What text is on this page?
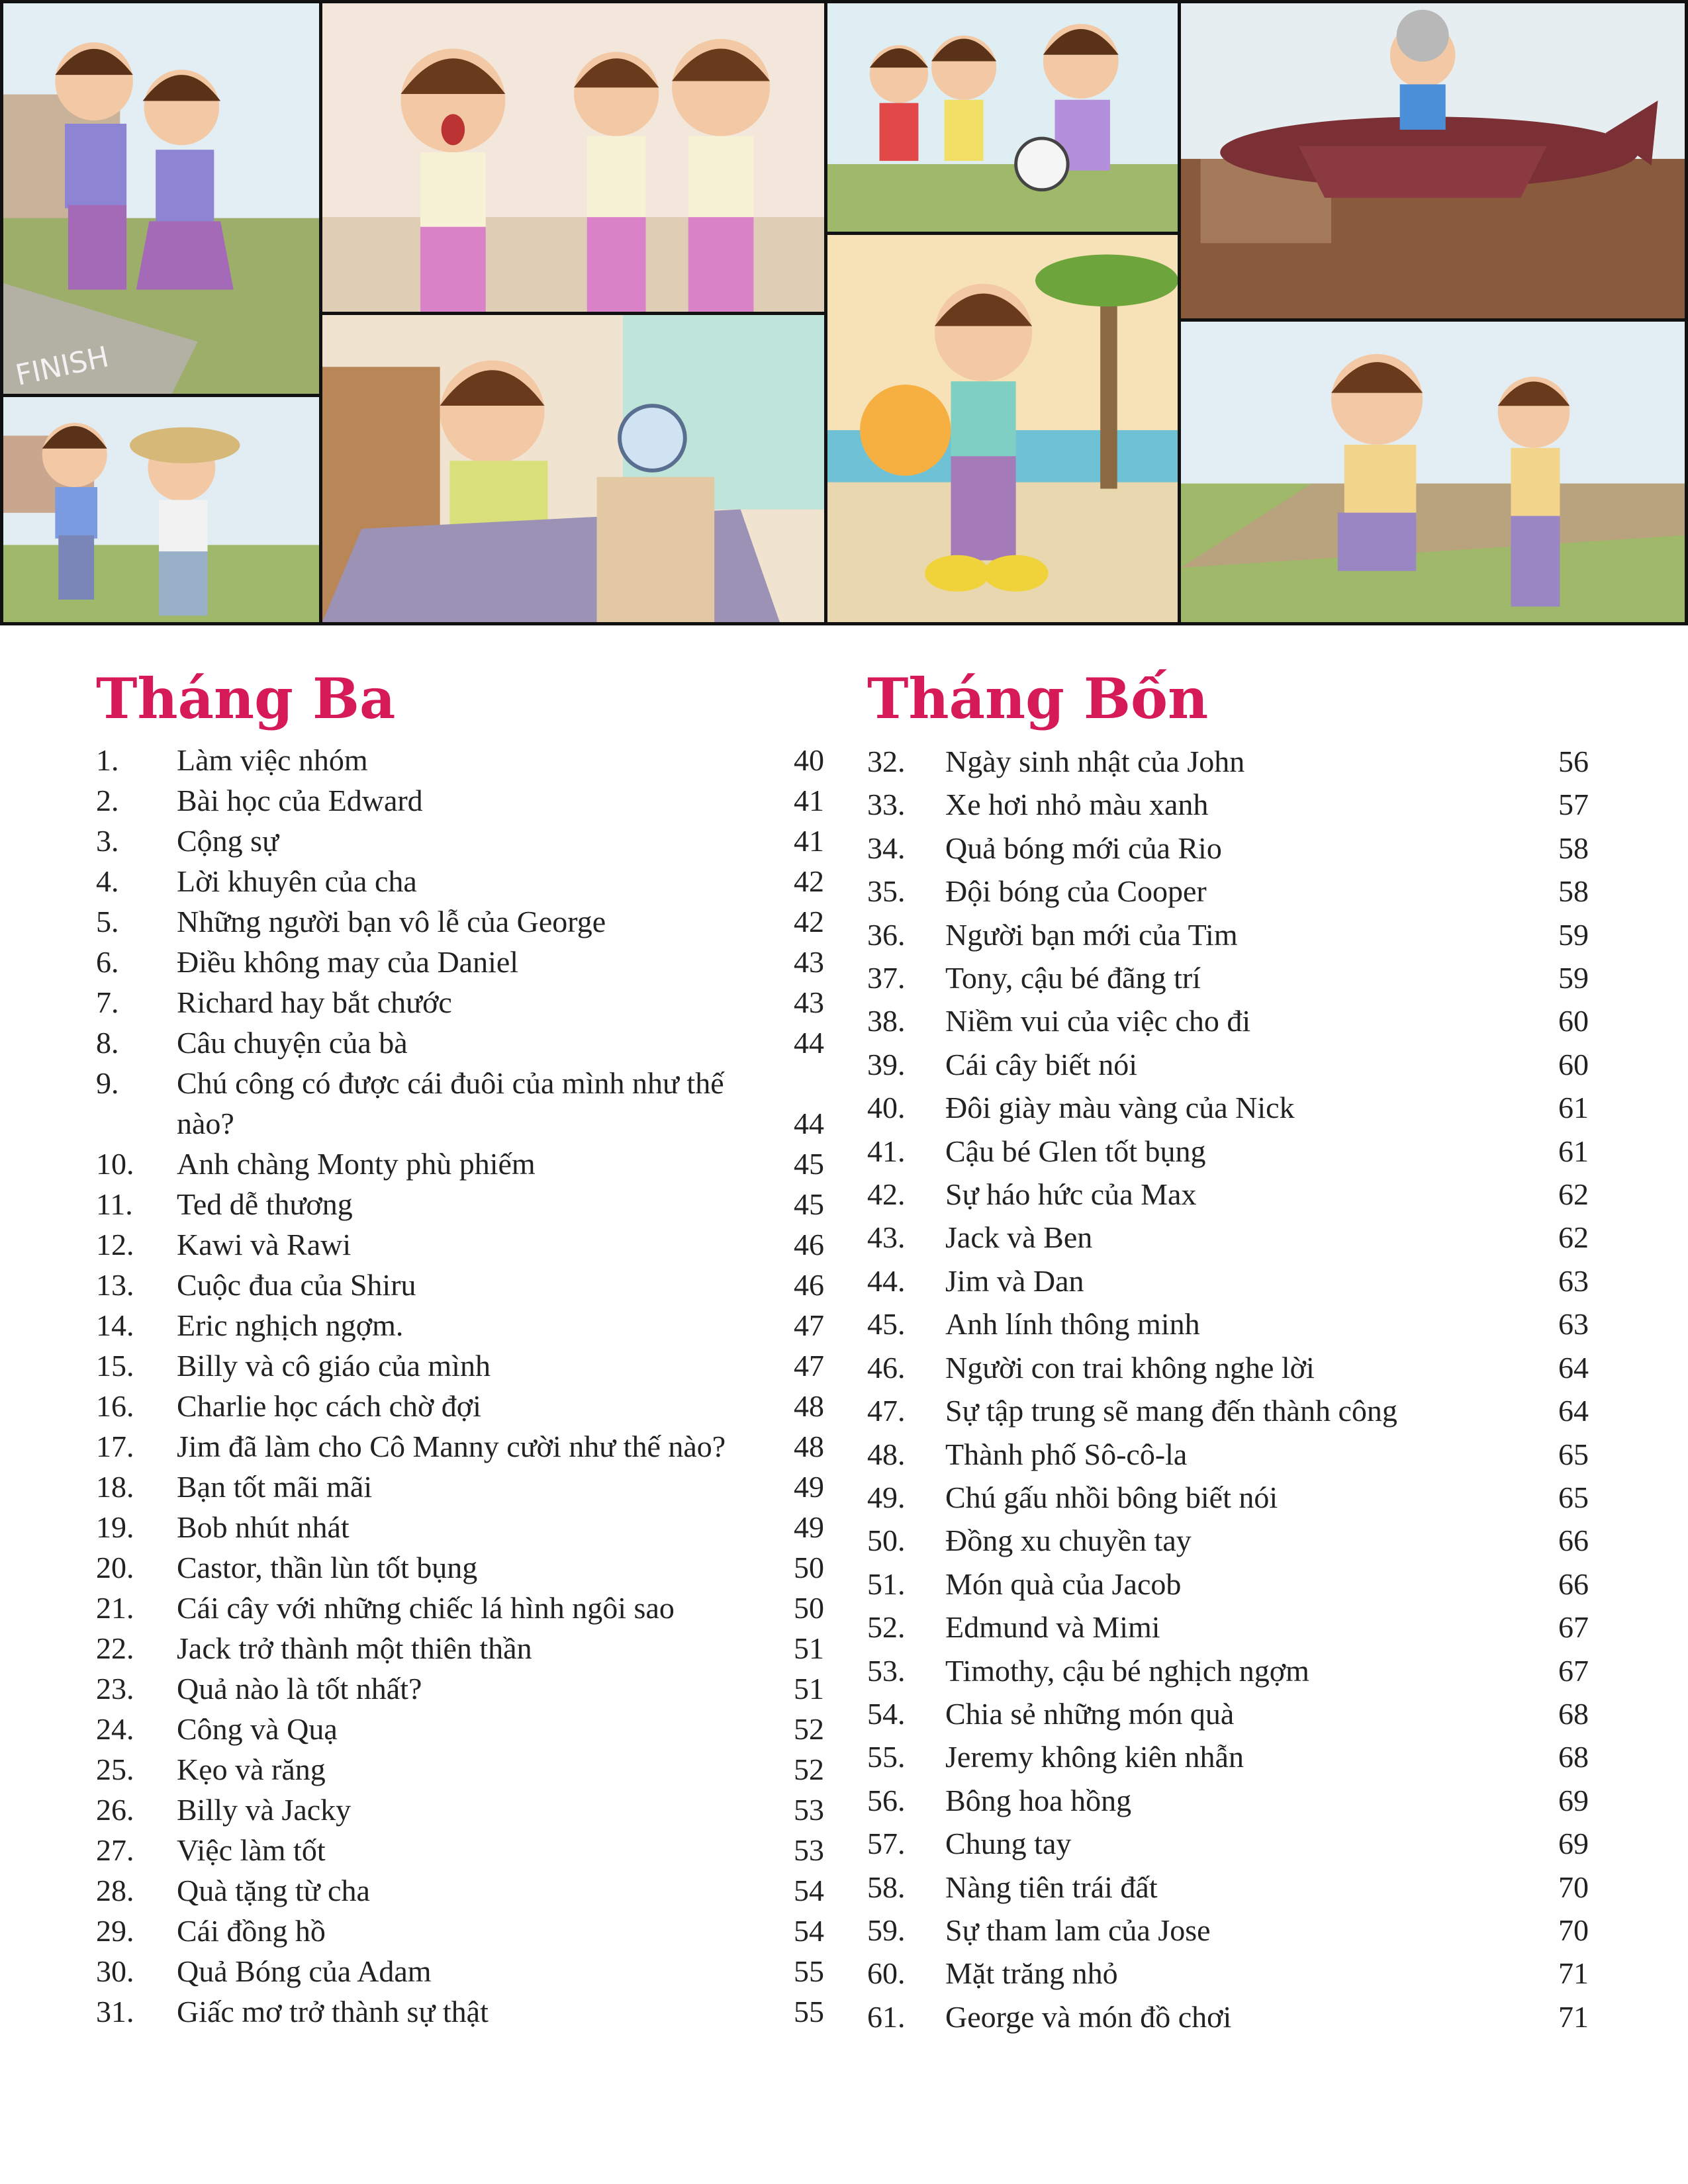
FINISH
Tháng Ba
1.	Làm việc nhóm	40
2.	Bài học của Edward	41
3.	Cộng sự	41
4.	Lời khuyên của cha	42
5.	Những người bạn vô lễ của George	42
6.	Điều không may của Daniel	43
7.	Richard hay bắt chước	43
8.	Câu chuyện của bà	44
9.	Chú công có được cái đuôi của mình như thế nào?	44
10.	Anh chàng Monty phù phiếm	45
11.	Ted dễ thương	45
12.	Kawi và Rawi	46
13.	Cuộc đua của Shiru	46
14.	Eric nghịch ngợm.	47
15.	Billy và cô giáo của mình	47
16.	Charlie học cách chờ đợi	48
17.	Jim đã làm cho Cô Manny cười như thế nào?	48
18.	Bạn tốt mãi mãi	49
19.	Bob nhút nhát	49
20.	Castor, thần lùn tốt bụng	50
21.	Cái cây với những chiếc lá hình ngôi sao	50
22.	Jack trở thành một thiên thần	51
23.	Quả nào là tốt nhất?	51
24.	Công và Quạ	52
25.	Kẹo và răng	52
26.	Billy và Jacky	53
27.	Việc làm tốt	53
28.	Quà tặng từ cha	54
29.	Cái đồng hồ	54
30.	Quả Bóng của Adam	55
31.	Giấc mơ trở thành sự thật	55
Tháng Bốn
32.	Ngày sinh nhật của John	56
33.	Xe hơi nhỏ màu xanh	57
34.	Quả bóng mới của Rio	58
35.	Đội bóng của Cooper	58
36.	Người bạn mới của Tim	59
37.	Tony, cậu bé đãng trí	59
38.	Niềm vui của việc cho đi	60
39.	Cái cây biết nói	60
40.	Đôi giày màu vàng của Nick	61
41.	Cậu bé Glen tốt bụng	61
42.	Sự háo hức của Max	62
43.	Jack và Ben	62
44.	Jim và Dan	63
45.	Anh lính thông minh	63
46.	Người con trai không nghe lời	64
47.	Sự tập trung sẽ mang đến thành công	64
48.	Thành phố Sô-cô-la	65
49.	Chú gấu nhồi bông biết nói	65
50.	Đồng xu chuyền tay	66
51.	Món quà của Jacob	66
52.	Edmund và Mimi	67
53.	Timothy, cậu bé nghịch ngợm	67
54.	Chia sẻ những món quà	68
55.	Jeremy không kiên nhẫn	68
56.	Bông hoa hồng	69
57.	Chung tay	69
58.	Nàng tiên trái đất	70
59.	Sự tham lam của Jose	70
60.	Mặt trăng nhỏ	71
61.	George và món đồ chơi	71
